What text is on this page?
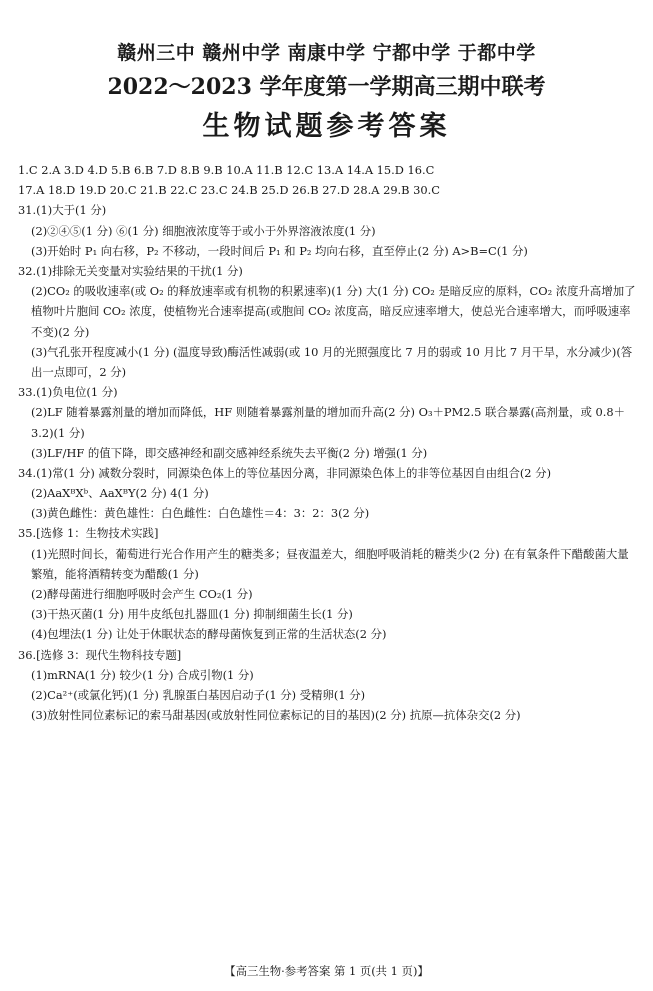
赣州三中 赣州中学 南康中学 宁都中学 于都中学
2022～2023 学年度第一学期高三期中联考
生物试题参考答案
1.C 2.A 3.D 4.D 5.B 6.B 7.D 8.B 9.B 10.A 11.B 12.C 13.A 14.A 15.D 16.C
17.A 18.D 19.D 20.C 21.B 22.C 23.C 24.B 25.D 26.B 27.D 28.A 29.B 30.C
31.(1)大于(1 分)
(2)②④⑤(1 分) ⑥(1 分) 细胞液浓度等于或小于外界溶液浓度(1 分)
(3)开始时 P₁ 向右移，P₂ 不移动，一段时间后 P₁ 和 P₂ 均向右移，直至停止(2 分) A>B=C(1 分)
32.(1)排除无关变量对实验结果的干扰(1 分)
(2)CO₂ 的吸收速率(或 O₂ 的释放速率或有机物的积累速率)(1 分) 大(1 分) CO₂ 是暗反应的原料，CO₂ 浓度升高增加了植物叶片胞间 CO₂ 浓度，使植物光合速率提高(或胞间 CO₂ 浓度高，暗反应速率增大，使总光合速率增大，而呼吸速率不变)(2 分)
(3)气孔张开程度减小(1 分) (温度导致)酶活性减弱(或 10 月的光照强度比 7 月的弱或 10 月比 7 月干旱，水分减少)(答出一点即可，2 分)
33.(1)负电位(1 分)
(2)LF 随着暴露剂量的增加而降低，HF 则随着暴露剂量的增加而升高(2 分) O₃＋PM2.5 联合暴露(高剂量，或 0.8＋3.2)(1 分)
(3)LF/HF 的值下降，即交感神经和副交感神经系统失去平衡(2 分) 增强(1 分)
34.(1)常(1 分) 减数分裂时，同源染色体上的等位基因分离，非同源染色体上的非等位基因自由组合(2 分)
(2)AaXᴮXᵇ、AaXᴮY(2 分) 4(1 分)
(3)黄色雌性：黄色雄性：白色雌性：白色雄性＝4：3：2：3(2 分)
35.[选修 1：生物技术实践]
(1)光照时间长，葡萄进行光合作用产生的糖类多；昼夜温差大，细胞呼吸消耗的糖类少(2 分) 在有氧条件下醋酸菌大量繁殖，能将酒精转变为醋酸(1 分)
(2)酵母菌进行细胞呼吸时会产生 CO₂(1 分)
(3)干热灭菌(1 分) 用牛皮纸包扎器皿(1 分) 抑制细菌生长(1 分)
(4)包埋法(1 分) 让处于休眠状态的酵母菌恢复到正常的生活状态(2 分)
36.[选修 3：现代生物科技专题]
(1)mRNA(1 分) 较少(1 分) 合成引物(1 分)
(2)Ca²⁺(或氯化钙)(1 分) 乳腺蛋白基因启动子(1 分) 受精卵(1 分)
(3)放射性同位素标记的索马甜基因(或放射性同位素标记的目的基因)(2 分) 抗原—抗体杂交(2 分)
【高三生物·参考答案 第 1 页(共 1 页)】
